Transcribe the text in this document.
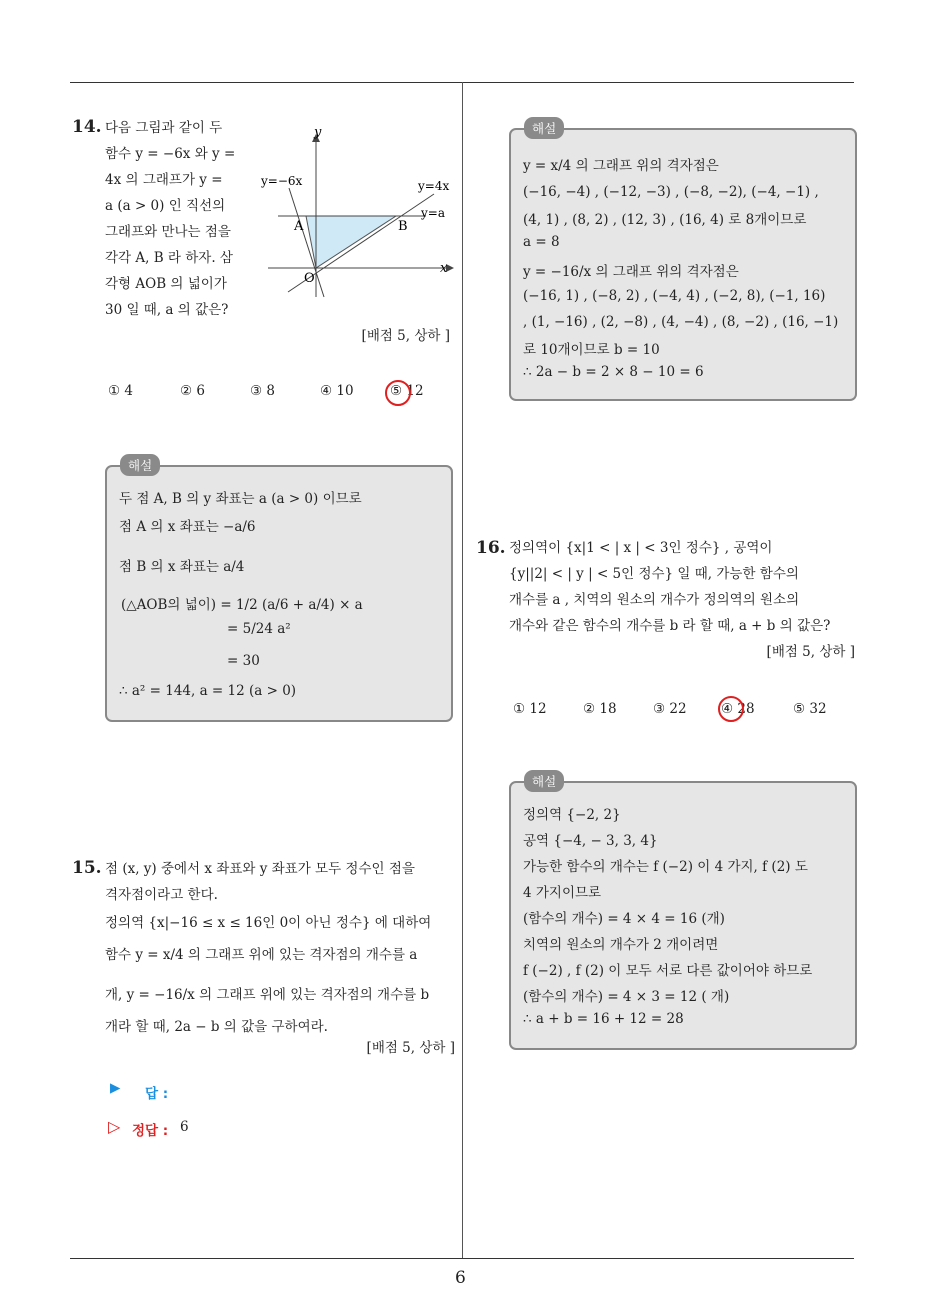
6
14. 다음 그림과 같이 두
함수 y = −6x 와 y =
4x 의 그래프가 y =
a (a > 0) 인 직선의
그래프와 만나는 점을
각각 A, B 라 하자. 삼
각형 AOB 의 넓이가
30 일 때, a 의 값은?
y
x
y=−6x	y=4x
y=a
A	B
O
[배점 5, 상하 ]
① 4	② 6	③ 8	④ 10	⑤ 12
해설
두 점 A, B 의 y 좌표는 a (a > 0) 이므로
점 A 의 x 좌표는 −a/6
점 B 의 x 좌표는 a/4
(△AOB의 넓이) = 1/2 (a/6 + a/4) × a
= 5/24 a²
= 30
∴ a² = 144, a = 12 (a > 0)
15. 점 (x, y) 중에서 x 좌표와 y 좌표가 모두 정수인 점을
격자점이라고 한다.
정의역 {x|−16 ≤ x ≤ 16인 0이 아닌 정수} 에 대하여
함수 y = x/4 의 그래프 위에 있는 격자점의 개수를 a
개, y = −16/x 의 그래프 위에 있는 격자점의 개수를 b
개라 할 때, 2a − b 의 값을 구하여라.
[배점 5, 상하 ]
▶ 답 :
▷ 정답 : 6
해설
y = x/4 의 그래프 위의 격자점은
(−16, −4) , (−12, −3) , (−8, −2), (−4, −1) ,
(4, 1) , (8, 2) , (12, 3) , (16, 4) 로 8개이므로
a = 8
y = −16/x 의 그래프 위의 격자점은
(−16, 1) , (−8, 2) , (−4, 4) , (−2, 8), (−1, 16)
, (1, −16) , (2, −8) , (4, −4) , (8, −2) , (16, −1)
로 10개이므로 b = 10
∴ 2a − b = 2 × 8 − 10 = 6
16. 정의역이 {x|1 < | x | < 3인 정수} , 공역이
{y||2| < | y | < 5인 정수} 일 때, 가능한 함수의
개수를 a , 치역의 원소의 개수가 정의역의 원소의
개수와 같은 함수의 개수를 b 라 할 때, a + b 의 값은?
[배점 5, 상하 ]
① 12	② 18	③ 22	④ 28	⑤ 32
해설
정의역 {−2, 2}
공역 {−4, − 3, 3, 4}
가능한 함수의 개수는 f (−2) 이 4 가지, f (2) 도
4 가지이므로
(함수의 개수) = 4 × 4 = 16 (개)
치역의 원소의 개수가 2 개이려면
f (−2) , f (2) 이 모두 서로 다른 값이어야 하므로
(함수의 개수) = 4 × 3 = 12 ( 개)
∴ a + b = 16 + 12 = 28
